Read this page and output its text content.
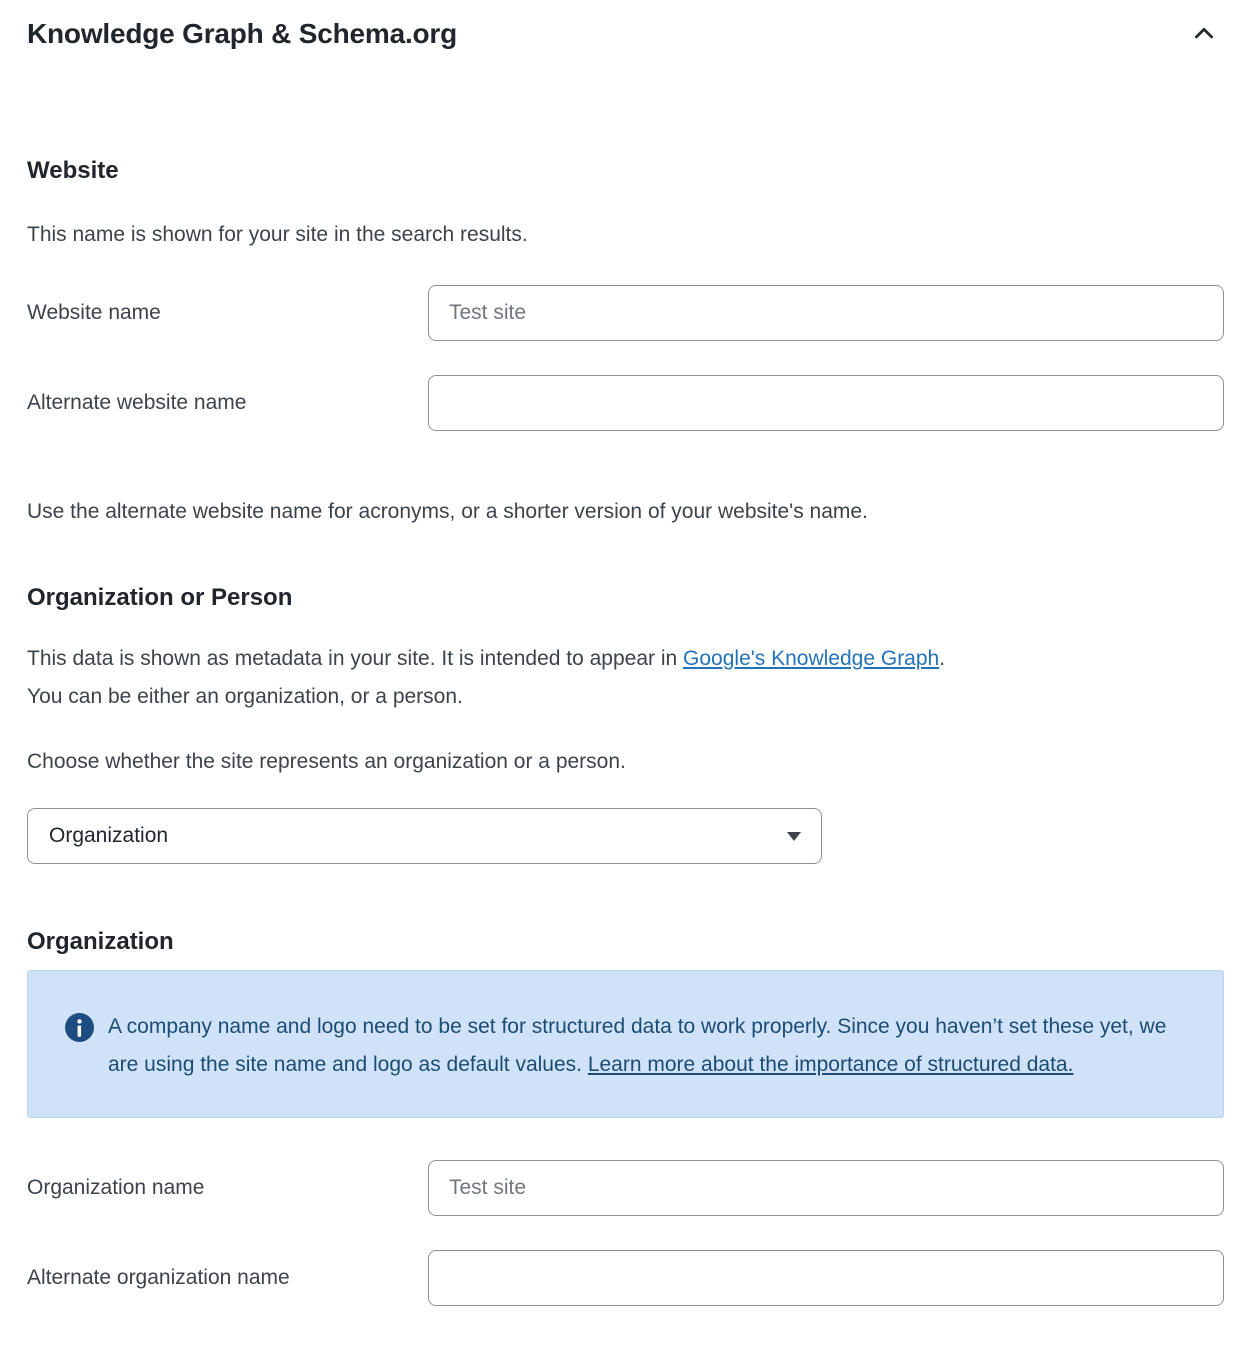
Knowledge Graph & Schema.org
Website

This name is shown for your site in the search results.

Website name
Test site
Alternate website name

Use the alternate website name for acronyms, or a shorter version of your website's name.

Organization or Person

This data is shown as metadata in your site. It is intended to appear in Google's Knowledge Graph.
You can be either an organization, or a person.

Choose whether the site represents an organization or a person.

Organization
Organization

A company name and logo need to be set for structured data to work properly. Since you haven’t set these yet, we are using the site name and logo as default values. Learn more about the importance of structured data.

Organization name
Test site
Alternate organization name
